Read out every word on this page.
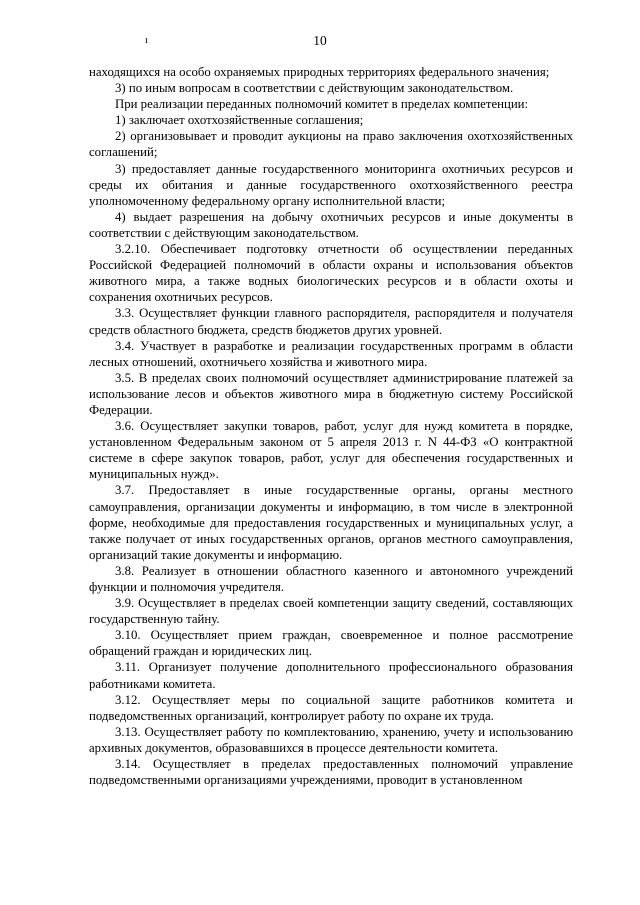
ı	10

находящихся на особо охраняемых природных территориях федерального значения;

3) по иным вопросам в соответствии с действующим законодательством.

При реализации переданных полномочий комитет в пределах компетенции:

1) заключает охотхозяйственные соглашения;

2) организовывает и проводит аукционы на право заключения охотхозяйственных соглашений;

3) предоставляет данные государственного мониторинга охотничьих ресурсов и среды их обитания и данные государственного охотхозяйственного реестра уполномоченному федеральному органу исполнительной власти;

4) выдает разрешения на добычу охотничьих ресурсов и иные документы в соответствии с действующим законодательством.

3.2.10. Обеспечивает подготовку отчетности об осуществлении переданных Российской Федерацией полномочий в области охраны и использования объектов животного мира, а также водных биологических ресурсов и в области охоты и сохранения охотничьих ресурсов.

3.3. Осуществляет функции главного распорядителя, распорядителя и получателя средств областного бюджета, средств бюджетов других уровней.

3.4. Участвует в разработке и реализации государственных программ в области лесных отношений, охотничьего хозяйства и животного мира.

3.5. В пределах своих полномочий осуществляет администрирование платежей за использование лесов и объектов животного мира в бюджетную систему Российской Федерации.

3.6. Осуществляет закупки товаров, работ, услуг для нужд комитета в порядке, установленном Федеральным законом от 5 апреля 2013 г. N 44-ФЗ «О контрактной системе в сфере закупок товаров, работ, услуг для обеспечения государственных и муниципальных нужд».

3.7. Предоставляет в иные государственные органы, органы местного самоуправления, организации документы и информацию, в том числе в электронной форме, необходимые для предоставления государственных и муниципальных услуг, а также получает от иных государственных органов, органов местного самоуправления, организаций такие документы и информацию.

3.8. Реализует в отношении областного казенного и автономного учреждений функции и полномочия учредителя.

3.9. Осуществляет в пределах своей компетенции защиту сведений, составляющих государственную тайну.

3.10. Осуществляет прием граждан, своевременное и полное рассмотрение обращений граждан и юридических лиц.

3.11. Организует получение дополнительного профессионального образования работниками комитета.

3.12. Осуществляет меры по социальной защите работников комитета и подведомственных организаций, контролирует работу по охране их труда.

3.13. Осуществляет работу по комплектованию, хранению, учету и использованию архивных документов, образовавшихся в процессе деятельности комитета.

3.14. Осуществляет в пределах предоставленных полномочий управление подведомственными организациями учреждениями, проводит в установленном
